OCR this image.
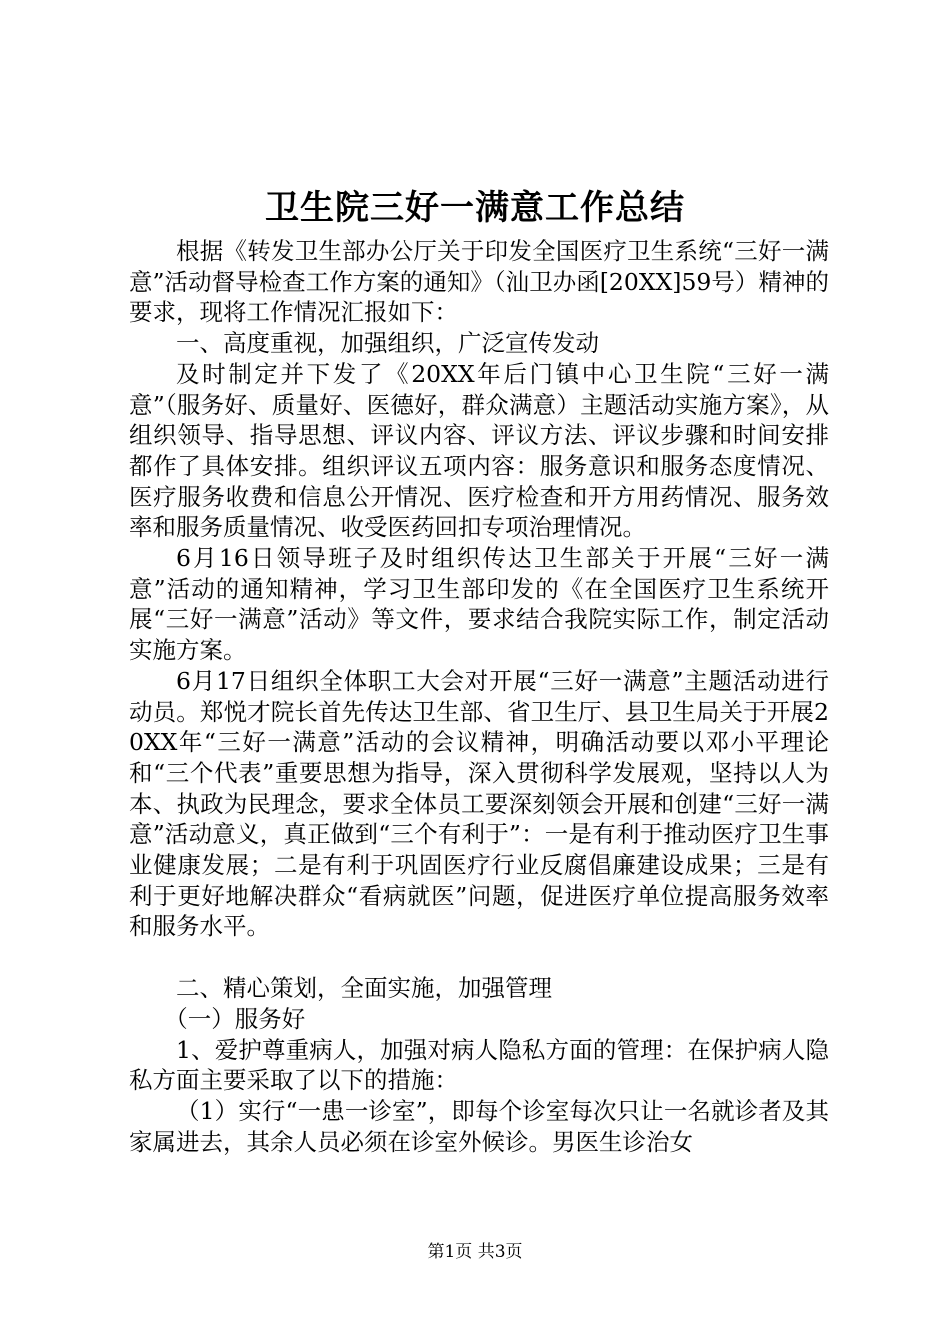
卫生院三好一满意工作总结

根据《转发卫生部办公厅关于印发全国医疗卫生系统“三好一满意”活动督导检查工作方案的通知》（汕卫办函[20XX]59号）精神的要求，现将工作情况汇报如下：

一、高度重视，加强组织，广泛宣传发动

及时制定并下发了《20XX年后门镇中心卫生院“三好一满意”（服务好、质量好、医德好，群众满意）主题活动实施方案》，从组织领导、指导思想、评议内容、评议方法、评议步骤和时间安排都作了具体安排。组织评议五项内容：服务意识和服务态度情况、医疗服务收费和信息公开情况、医疗检查和开方用药情况、服务效率和服务质量情况、收受医药回扣专项治理情况。

6月16日领导班子及时组织传达卫生部关于开展“三好一满意”活动的通知精神，学习卫生部印发的《在全国医疗卫生系统开展“三好一满意”活动》等文件，要求结合我院实际工作，制定活动实施方案。

6月17日组织全体职工大会对开展“三好一满意”主题活动进行动员。郑悦才院长首先传达卫生部、省卫生厅、县卫生局关于开展20XX年“三好一满意”活动的会议精神，明确活动要以邓小平理论和“三个代表”重要思想为指导，深入贯彻科学发展观，坚持以人为本、执政为民理念，要求全体员工要深刻领会开展和创建“三好一满意”活动意义，真正做到“三个有利于”：一是有利于推动医疗卫生事业健康发展；二是有利于巩固医疗行业反腐倡廉建设成果；三是有利于更好地解决群众“看病就医”问题，促进医疗单位提高服务效率和服务水平。

二、精心策划，全面实施，加强管理

（一）服务好

1、爱护尊重病人，加强对病人隐私方面的管理：在保护病人隐私方面主要采取了以下的措施：

（1）实行“一患一诊室”，即每个诊室每次只让一名就诊者及其家属进去，其余人员必须在诊室外候诊。男医生诊治女

第1页 共3页
